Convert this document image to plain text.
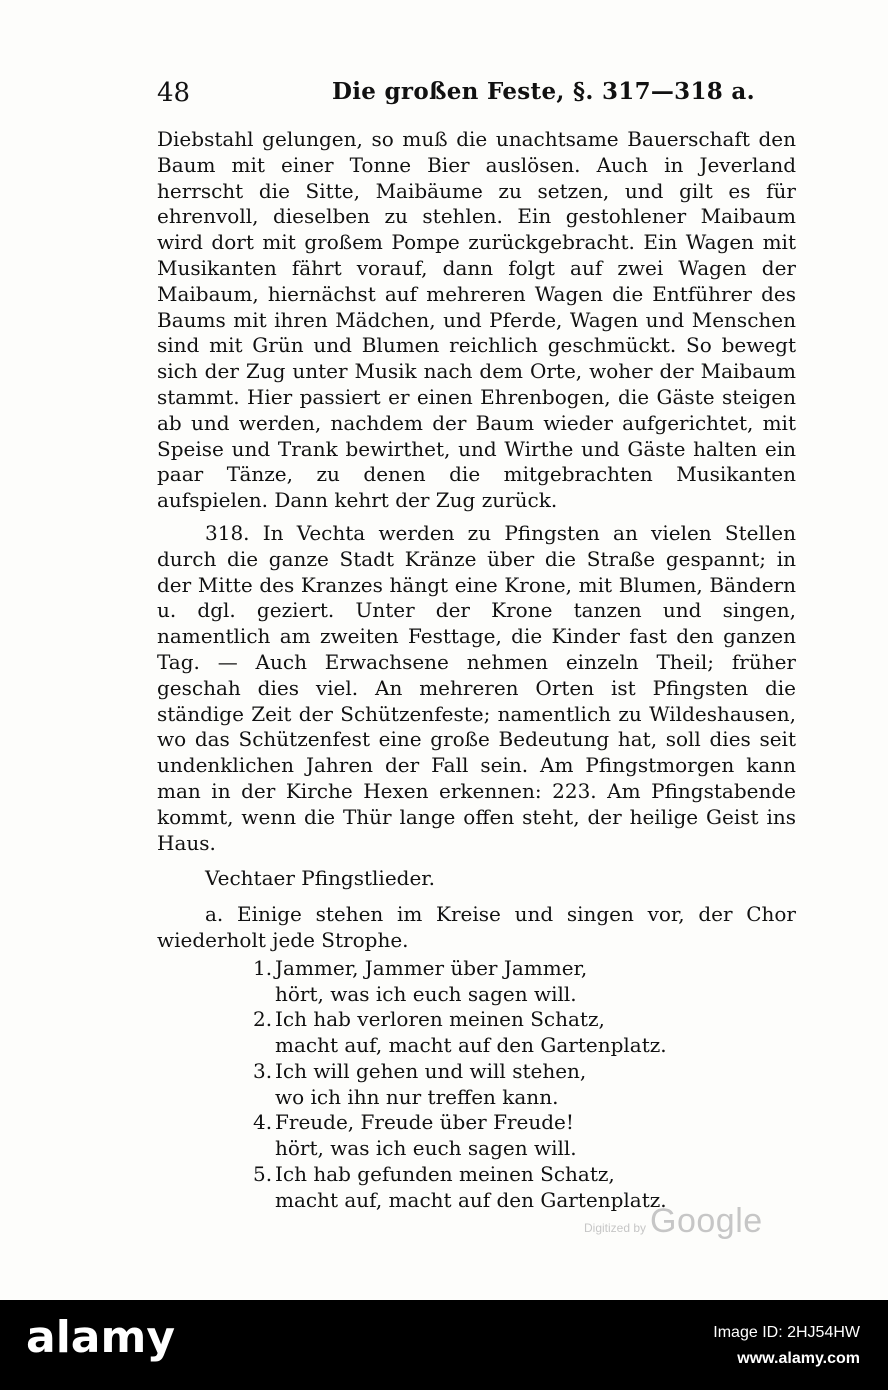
48	Die großen Feste, §. 317—318 a.

Diebstahl gelungen, so muß die unachtsame Bauerschaft den Baum mit einer Tonne Bier auslösen. Auch in Jeverland herrscht die Sitte, Maibäume zu setzen, und gilt es für ehrenvoll, dieselben zu stehlen. Ein gestohlener Maibaum wird dort mit großem Pompe zurückgebracht. Ein Wagen mit Musikanten fährt vorauf, dann folgt auf zwei Wagen der Maibaum, hiernächst auf mehreren Wagen die Entführer des Baums mit ihren Mädchen, und Pferde, Wagen und Menschen sind mit Grün und Blumen reichlich geschmückt. So bewegt sich der Zug unter Musik nach dem Orte, woher der Maibaum stammt. Hier passiert er einen Ehrenbogen, die Gäste steigen ab und werden, nachdem der Baum wieder aufgerichtet, mit Speise und Trank bewirthet, und Wirthe und Gäste halten ein paar Tänze, zu denen die mitgebrachten Musikanten aufspielen. Dann kehrt der Zug zurück.

318. In Vechta werden zu Pfingsten an vielen Stellen durch die ganze Stadt Kränze über die Straße gespannt; in der Mitte des Kranzes hängt eine Krone, mit Blumen, Bändern u. dgl. geziert. Unter der Krone tanzen und singen, namentlich am zweiten Festtage, die Kinder fast den ganzen Tag. — Auch Erwachsene nehmen einzeln Theil; früher geschah dies viel. An mehreren Orten ist Pfingsten die ständige Zeit der Schützenfeste; namentlich zu Wildeshausen, wo das Schützenfest eine große Bedeutung hat, soll dies seit undenklichen Jahren der Fall sein. Am Pfingstmorgen kann man in der Kirche Hexen erkennen: 223. Am Pfingstabende kommt, wenn die Thür lange offen steht, der heilige Geist ins Haus.

Vechtaer Pfingstlieder.

a. Einige stehen im Kreise und singen vor, der Chor wiederholt jede Strophe.

1. Jammer, Jammer über Jammer,
hört, was ich euch sagen will.
2. Ich hab verloren meinen Schatz,
macht auf, macht auf den Gartenplatz.
3. Ich will gehen und will stehen,
wo ich ihn nur treffen kann.
4. Freude, Freude über Freude!
hört, was ich euch sagen will.
5. Ich hab gefunden meinen Schatz,
macht auf, macht auf den Gartenplatz.
Digitized by Google
alamy	Image ID: 2HJ54HW
www.alamy.com
